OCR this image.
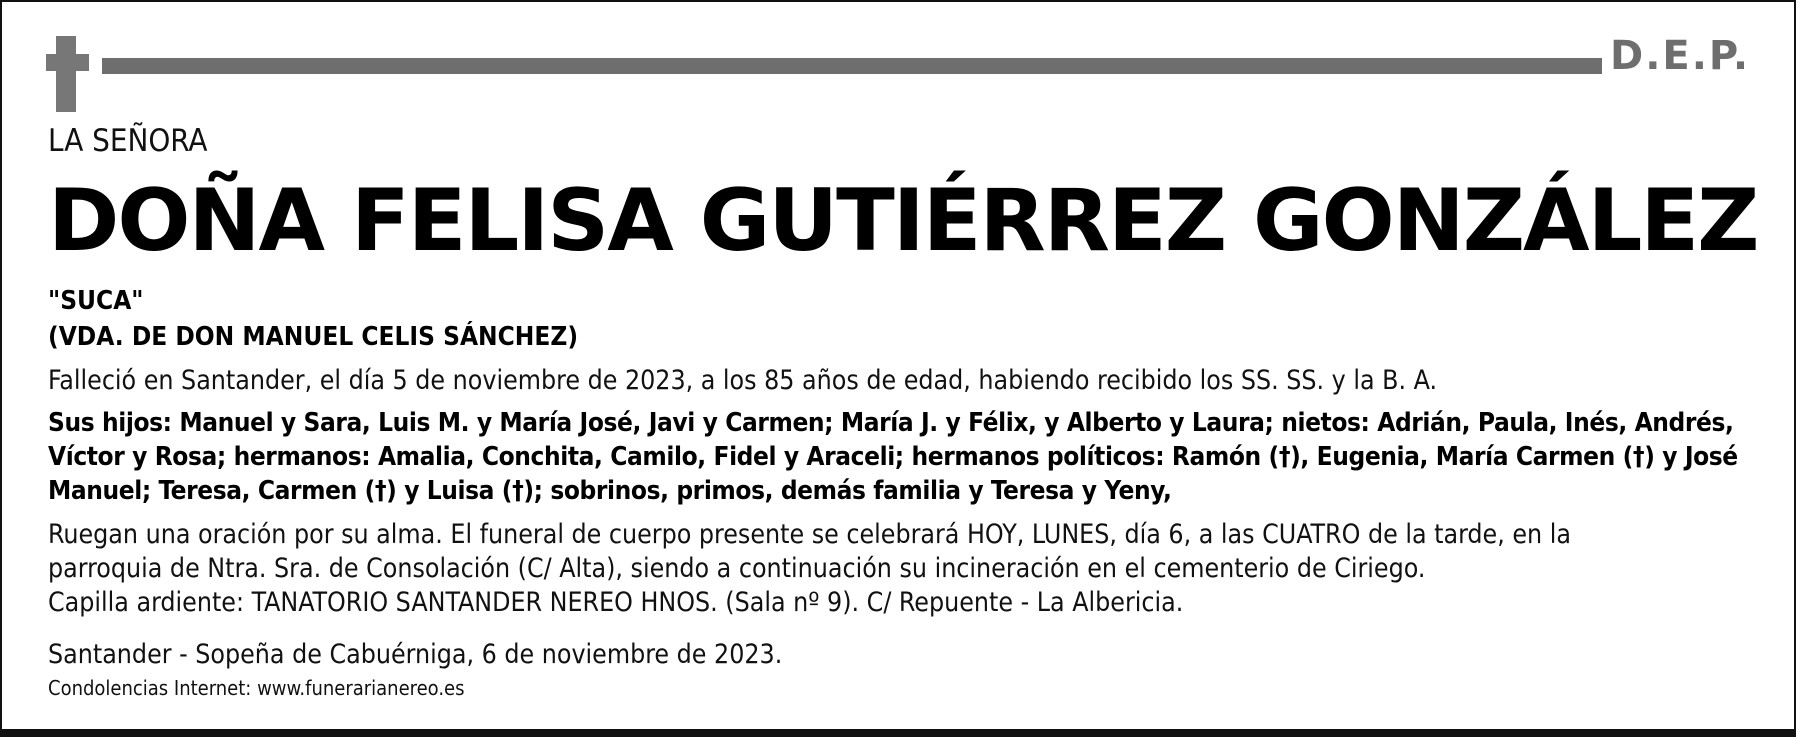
D.E.P.
LA SEÑORA
DOÑA FELISA GUTIÉRREZ GONZÁLEZ
"SUCA"
(VDA. DE DON MANUEL CELIS SÁNCHEZ)
Falleció en Santander, el día 5 de noviembre de 2023, a los 85 años de edad, habiendo recibido los SS. SS. y la B. A.
Sus hijos: Manuel y Sara, Luis M. y María José, Javi y Carmen; María J. y Félix, y Alberto y Laura; nietos: Adrián, Paula, Inés, Andrés,
Víctor y Rosa; hermanos: Amalia, Conchita, Camilo, Fidel y Araceli; hermanos políticos: Ramón (†), Eugenia, María Carmen (†) y José
Manuel; Teresa, Carmen (†) y Luisa (†); sobrinos, primos, demás familia y Teresa y Yeny,
Ruegan una oración por su alma. El funeral de cuerpo presente se celebrará HOY, LUNES, día 6, a las CUATRO de la tarde, en la
parroquia de Ntra. Sra. de Consolación (C/ Alta), siendo a continuación su incineración en el cementerio de Ciriego.
Capilla ardiente: TANATORIO SANTANDER NEREO HNOS. (Sala nº 9). C/ Repuente - La Albericia.
Santander - Sopeña de Cabuérniga, 6 de noviembre de 2023.
Condolencias Internet: www.funerarianereo.es
